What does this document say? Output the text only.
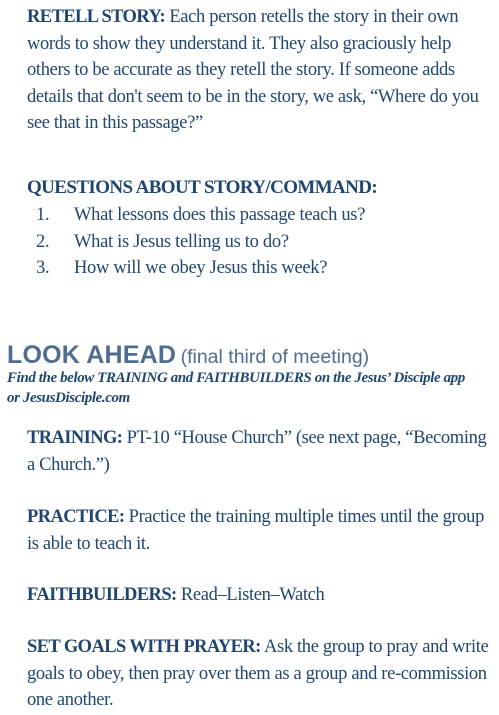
RETELL STORY: Each person retells the story in their own words to show they understand it. They also graciously help others to be accurate as they retell the story. If someone adds details that don't seem to be in the story, we ask, “Where do you see that in this passage?”

QUESTIONS ABOUT STORY/COMMAND:
1. What lessons does this passage teach us?
2. What is Jesus telling us to do?
3. How will we obey Jesus this week?
LOOK AHEAD (final third of meeting)

Find the below TRAINING and FAITHBUILDERS on the Jesus’ Disciple app or JesusDisciple.com

TRAINING: PT-10 “House Church” (see next page, “Becoming a Church.”)

PRACTICE: Practice the training multiple times until the group is able to teach it.

FAITHBUILDERS: Read–Listen–Watch

SET GOALS WITH PRAYER: Ask the group to pray and write goals to obey, then pray over them as a group and re-commission one another.
